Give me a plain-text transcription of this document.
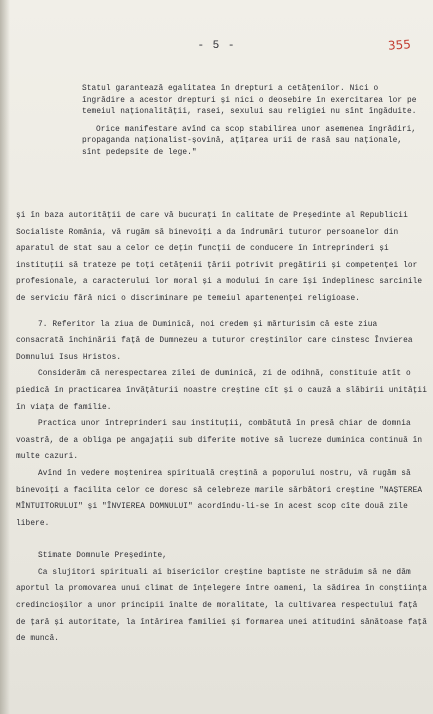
- 5 -	355

Statul garantează egalitatea în drepturi a cetățenilor. Nici o îngrădire a acestor drepturi și nici o deosebire în exercitarea lor pe temeiul naționalității, rasei, sexului sau religiei nu sînt îngăduite.

Orice manifestare avînd ca scop stabilirea unor asemenea îngrădiri, propaganda naționalist-șovină, ațîțarea urii de rasă sau naționale, sînt pedepsite de lege."

și în baza autorității de care vă bucurați în calitate de Președinte al Republicii Socialiste România, vă rugăm să binevoiți a da îndrumări tuturor persoanelor din aparatul de stat sau a celor ce dețin funcții de conducere în întreprinderi și instituții să trateze pe toți cetățenii țării potrivit pregătirii și competenței lor profesionale, a caracterului lor moral și a modului în care își îndeplinesc sarcinile de serviciu fără nici o discriminare pe temeiul apartenenței religioase.

7. Referitor la ziua de Duminică, noi credem și mărturisim că este ziua consacrată închinării față de Dumnezeu a tuturor creștinilor care cinstesc Învierea Domnului Isus Hristos.

Considerăm că nerespectarea zilei de duminică, zi de odihnă, constituie atît o piedică în practicarea învățăturii noastre creștine cît și o cauză a slăbirii unității în viața de familie.

Practica unor întreprinderi sau instituții, combătută în presă chiar de domnia voastră, de a obliga pe angajații sub diferite motive să lucreze duminica continuă în multe cazuri.

Avînd în vedere moștenirea spirituală creștină a poporului nostru, vă rugăm să binevoiți a facilita celor ce doresc să celebreze marile sărbători creștine "NAȘTEREA MÎNTUITORULUI" și "ÎNVIEREA DOMNULUI" acordîndu-li-se în acest scop cîte două zile libere.

Stimate Domnule Președinte,

Ca slujitori spirituali ai bisericilor creștine baptiste ne străduim să ne dăm aportul la promovarea unui climat de înțelegere între oameni, la sădirea în conștiința credincioșilor a unor principii înalte de moralitate, la cultivarea respectului față de țară și autoritate, la întărirea familiei și formarea unei atitudini sănătoase față de muncă.
